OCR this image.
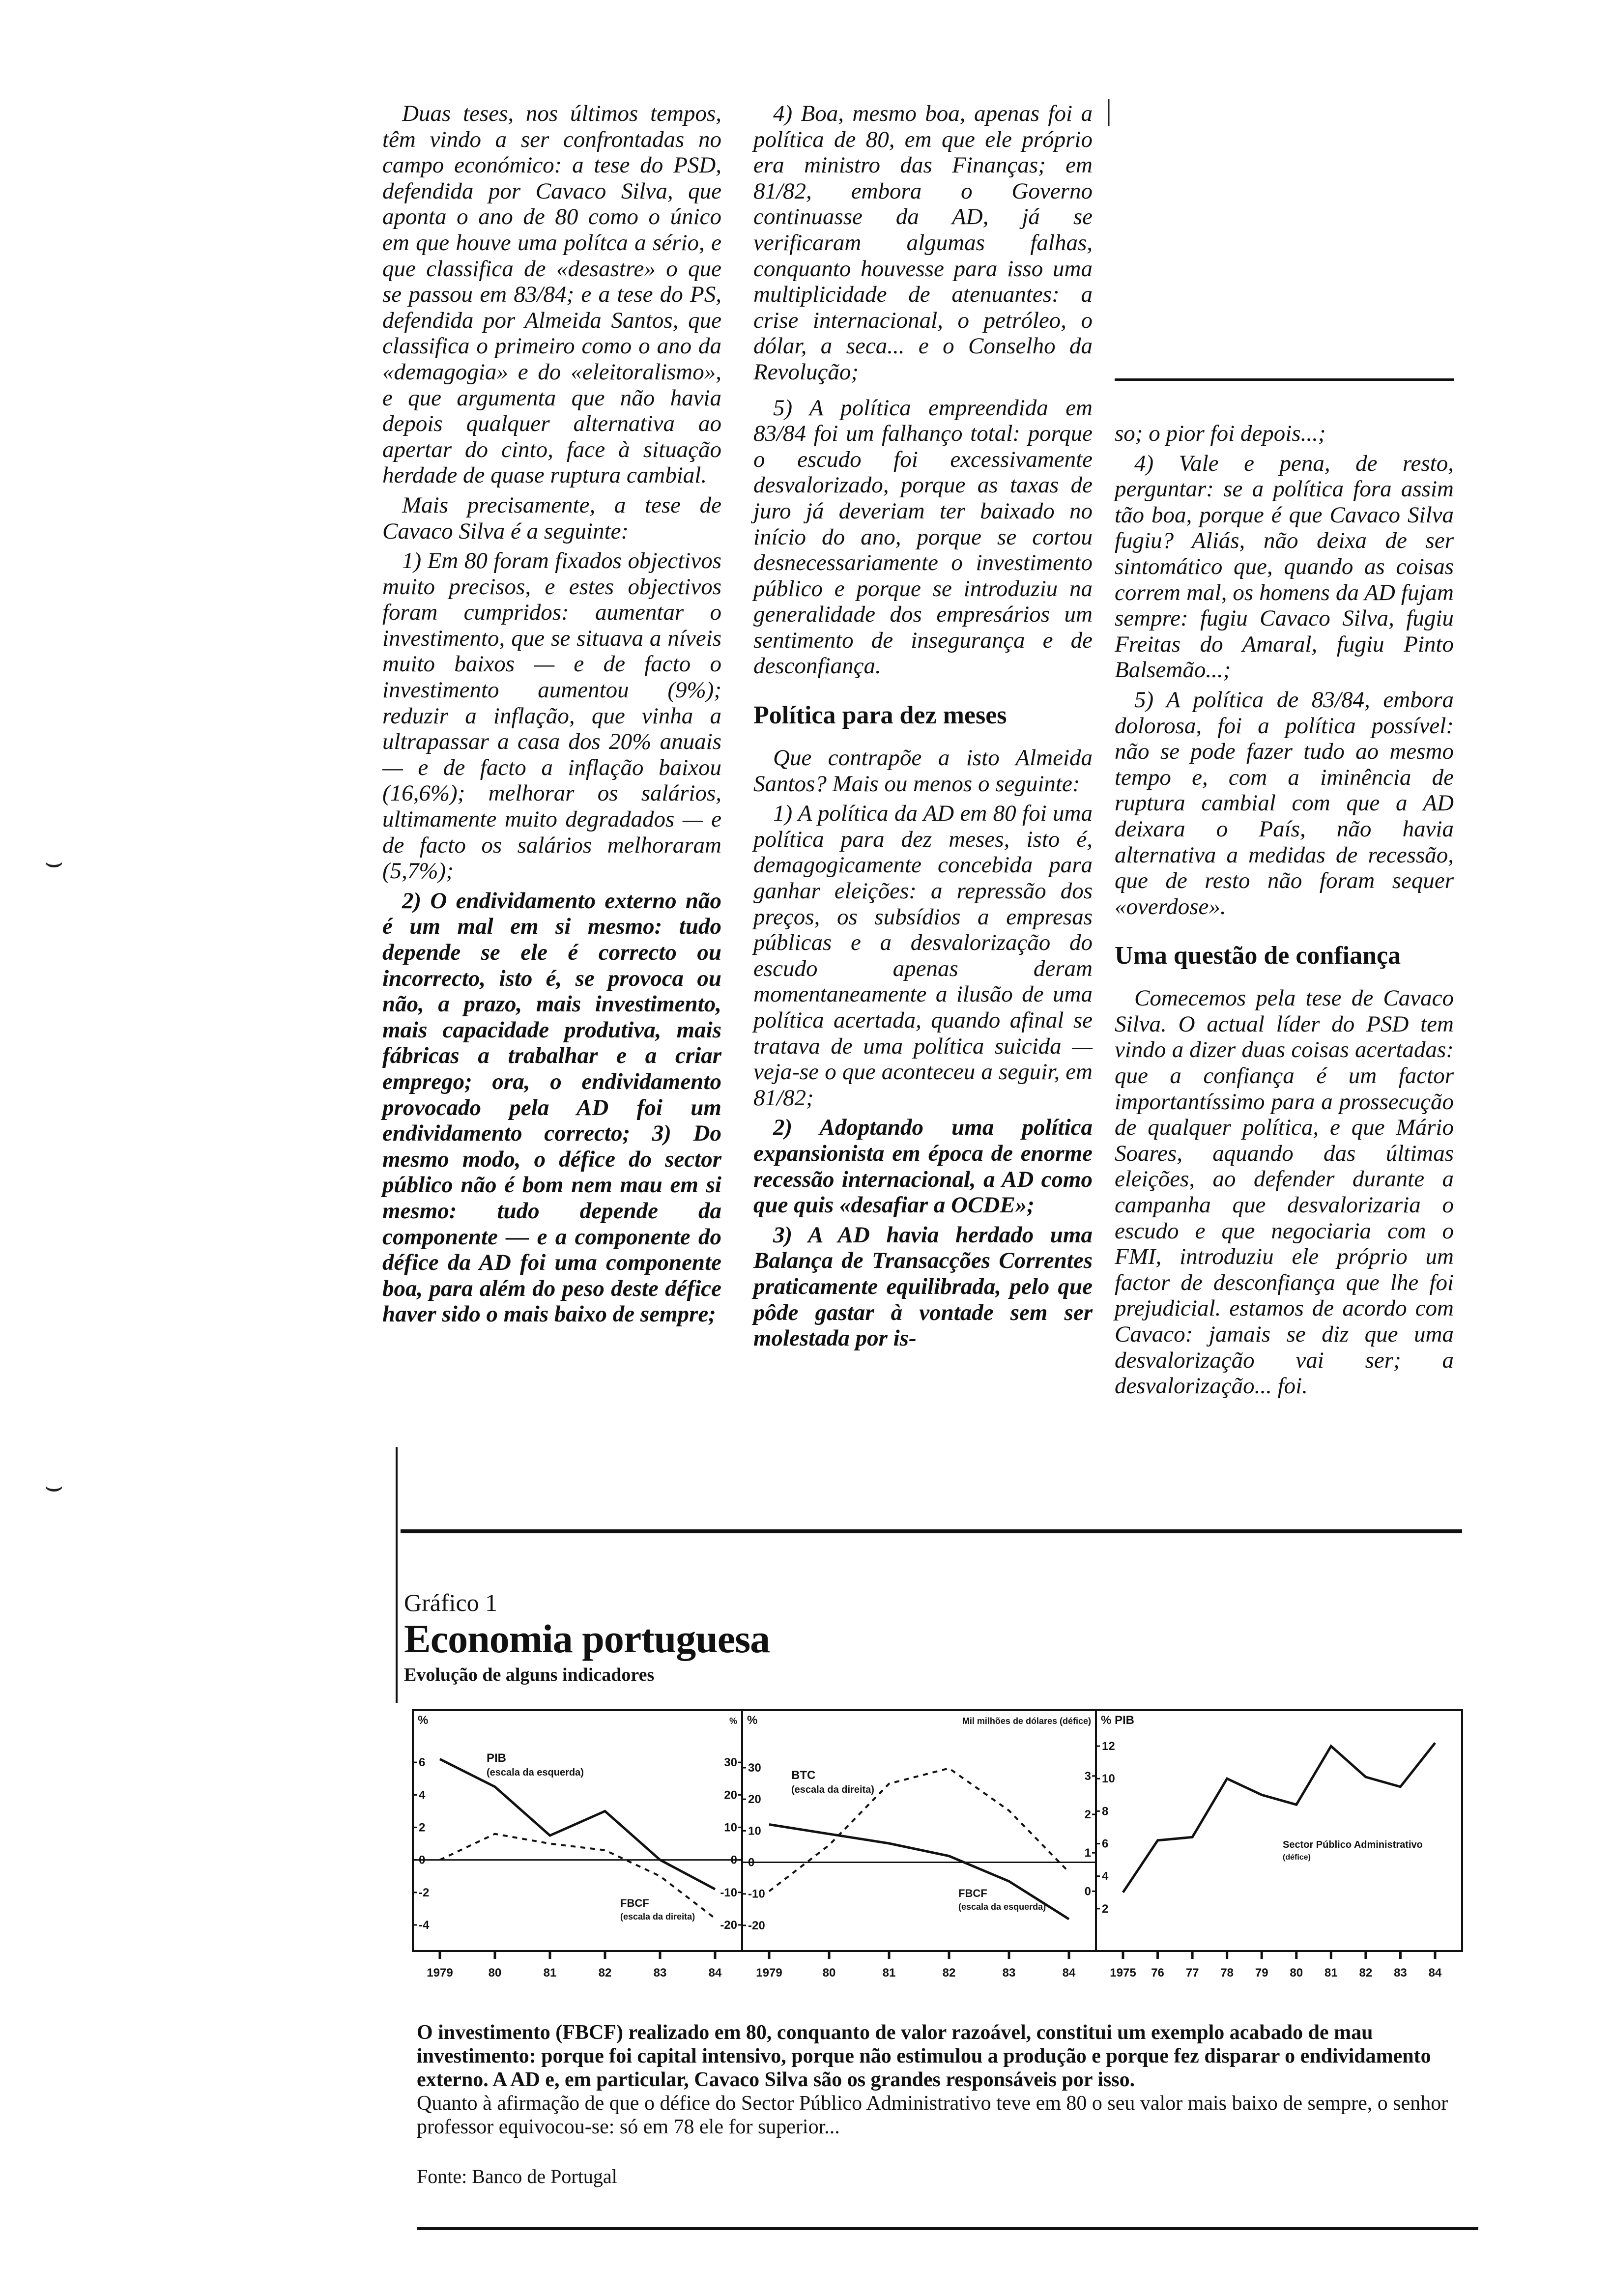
Duas teses, nos últimos tempos, têm vindo a ser confrontadas no campo económico: a tese do PSD, defendida por Cavaco Silva, que aponta o ano de 80 como o único em que houve uma polítca a sério, e que classifica de «desastre» o que se passou em 83/84; e a tese do PS, defendida por Almeida Santos, que classifica o primeiro como o ano da «demagogia» e do «eleitoralismo», e que argumenta que não havia depois qualquer alternativa ao apertar do cinto, face à situação herdade de quase ruptura cambial.

Mais precisamente, a tese de Cavaco Silva é a seguinte:

1) Em 80 foram fixados objectivos muito precisos, e estes objectivos foram cumpridos: aumentar o investimento, que se situava a níveis muito baixos — e de facto o investimento aumentou (9%); reduzir a inflação, que vinha a ultrapassar a casa dos 20% anuais — e de facto a inflação baixou (16,6%); melhorar os salários, ultimamente muito degradados — e de facto os salários melhoraram (5,7%);

2) O endividamento externo não é um mal em si mesmo: tudo depende se ele é correcto ou incorrecto, isto é, se provoca ou não, a prazo, mais investimento, mais capacidade produtiva, mais fábricas a trabalhar e a criar emprego; ora, o endividamento provocado pela AD foi um endividamento correcto; 3) Do mesmo modo, o défice do sector público não é bom nem mau em si mesmo: tudo depende da componente — e a componente do défice da AD foi uma componente boa, para além do peso deste défice haver sido o mais baixo de sempre;

4) Boa, mesmo boa, apenas foi a política de 80, em que ele próprio era ministro das Finanças; em 81/82, embora o Governo continuasse da AD, já se verificaram algumas falhas, conquanto houvesse para isso uma multiplicidade de atenuantes: a crise internacional, o petróleo, o dólar, a seca... e o Conselho da Revolução;

5) A política empreendida em 83/84 foi um falhanço total: porque o escudo foi excessivamente desvalorizado, porque as taxas de juro já deveriam ter baixado no início do ano, porque se cortou desnecessariamente o investimento público e porque se introduziu na generalidade dos empresários um sentimento de insegurança e de desconfiança.

Política para dez meses

Que contrapõe a isto Almeida Santos? Mais ou menos o seguinte:

1) A política da AD em 80 foi uma política para dez meses, isto é, demagogicamente concebida para ganhar eleições: a repressão dos preços, os subsídios a empresas públicas e a desvalorização do escudo apenas deram momentaneamente a ilusão de uma política acertada, quando afinal se tratava de uma política suicida — veja-se o que aconteceu a seguir, em 81/82;

2) Adoptando uma política expansionista em época de enorme recessão internacional, a AD como que quis «desafiar a OCDE»;

3) A AD havia herdado uma Balança de Transacções Correntes praticamente equilibrada, pelo que pôde gastar à vontade sem ser molestada por is-

so; o pior foi depois...;

4) Vale e pena, de resto, perguntar: se a política fora assim tão boa, porque é que Cavaco Silva fugiu? Aliás, não deixa de ser sintomático que, quando as coisas correm mal, os homens da AD fujam sempre: fugiu Cavaco Silva, fugiu Freitas do Amaral, fugiu Pinto Balsemão...;

5) A política de 83/84, embora dolorosa, foi a política possível: não se pode fazer tudo ao mesmo tempo e, com a iminência de ruptura cambial com que a AD deixara o País, não havia alternativa a medidas de recessão, que de resto não foram sequer «overdose».

Uma questão de confiança

Comecemos pela tese de Cavaco Silva. O actual líder do PSD tem vindo a dizer duas coisas acertadas: que a confiança é um factor importantíssimo para a prossecução de qualquer política, e que Mário Soares, aquando das últimas eleições, ao defender durante a campanha que desvalorizaria o escudo e que negociaria com o FMI, introduziu ele próprio um factor de desconfiança que lhe foi prejudicial. estamos de acordo com Cavaco: jamais se diz que uma desvalorização vai ser; a desvalorização... foi.

|
⌣
⌣
Gráfico 1
Economia portuguesa
Evolução de alguns indicadores
1979	80	81	82	83	84
6
4
2
0
-2
-4
%
30
20
10
0
-10
-20
%
1979	80	81	82	83	84
30
20
10
0
-10
-20
%
3
2
1
0
Mil milhões de dólares (défice)
1975 76 77 78 79 80 81 82 83 84
12
10
8
6
4
2
% PIB
PIB
(escala da esquerda)
FBCF
(escala da direita)
BTC
(escala da direita)
FBCF
(escala da esquerda)
Sector Público Administrativo
(défice)

O investimento (FBCF) realizado em 80, conquanto de valor razoável, constitui um exemplo acabado de mau investimento: porque foi capital intensivo, porque não estimulou a produção e porque fez disparar o endividamento externo. A AD e, em particular, Cavaco Silva são os grandes responsáveis por isso.

Quanto à afirmação de que o défice do Sector Público Administrativo teve em 80 o seu valor mais baixo de sempre, o senhor professor equivocou-se: só em 78 ele for superior...

Fonte: Banco de Portugal
